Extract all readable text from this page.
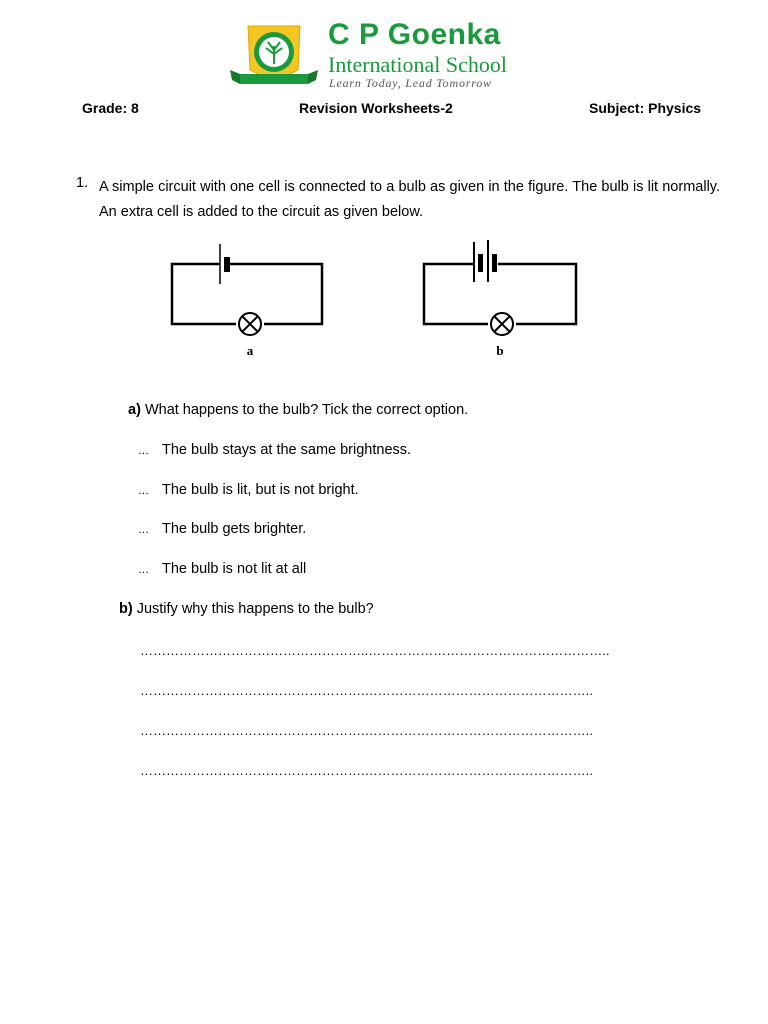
C P Goenka
International School
Learn Today, Lead Tomorrow
Grade: 8	Revision Worksheets-2	Subject: Physics
1. A simple circuit with one cell is connected to a bulb as given in the figure. The bulb is lit normally. An extra cell is added to the circuit as given below.
a	b
a) What happens to the bulb? Tick the correct option.
… The bulb stays at the same brightness.
… The bulb is lit, but is not bright.
… The bulb gets brighter.
… The bulb is not lit at all
b) Justify why this happens to the bulb?
……………………………………………..………………………………………………..
…………………………………………….……………………………………………..
…………………………………………….……………………………………………..
…………………………………………….……………………………………………..
